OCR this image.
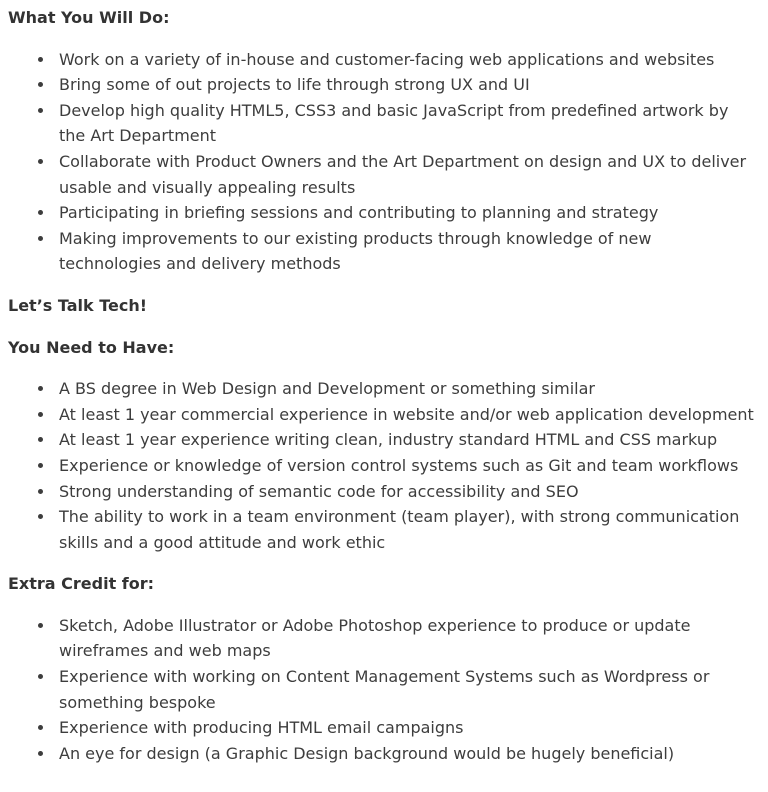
What You Will Do:

• Work on a variety of in-house and customer-facing web applications and websites
• Bring some of out projects to life through strong UX and UI
• Develop high quality HTML5, CSS3 and basic JavaScript from predefined artwork by the Art Department
• Collaborate with Product Owners and the Art Department on design and UX to deliver usable and visually appealing results
• Participating in briefing sessions and contributing to planning and strategy
• Making improvements to our existing products through knowledge of new technologies and delivery methods

Let’s Talk Tech!

You Need to Have:

• A BS degree in Web Design and Development or something similar
• At least 1 year commercial experience in website and/or web application development
• At least 1 year experience writing clean, industry standard HTML and CSS markup
• Experience or knowledge of version control systems such as Git and team workflows
• Strong understanding of semantic code for accessibility and SEO
• The ability to work in a team environment (team player), with strong communication skills and a good attitude and work ethic

Extra Credit for:

• Sketch, Adobe Illustrator or Adobe Photoshop experience to produce or update wireframes and web maps
• Experience with working on Content Management Systems such as Wordpress or something bespoke
• Experience with producing HTML email campaigns
• An eye for design (a Graphic Design background would be hugely beneficial)
